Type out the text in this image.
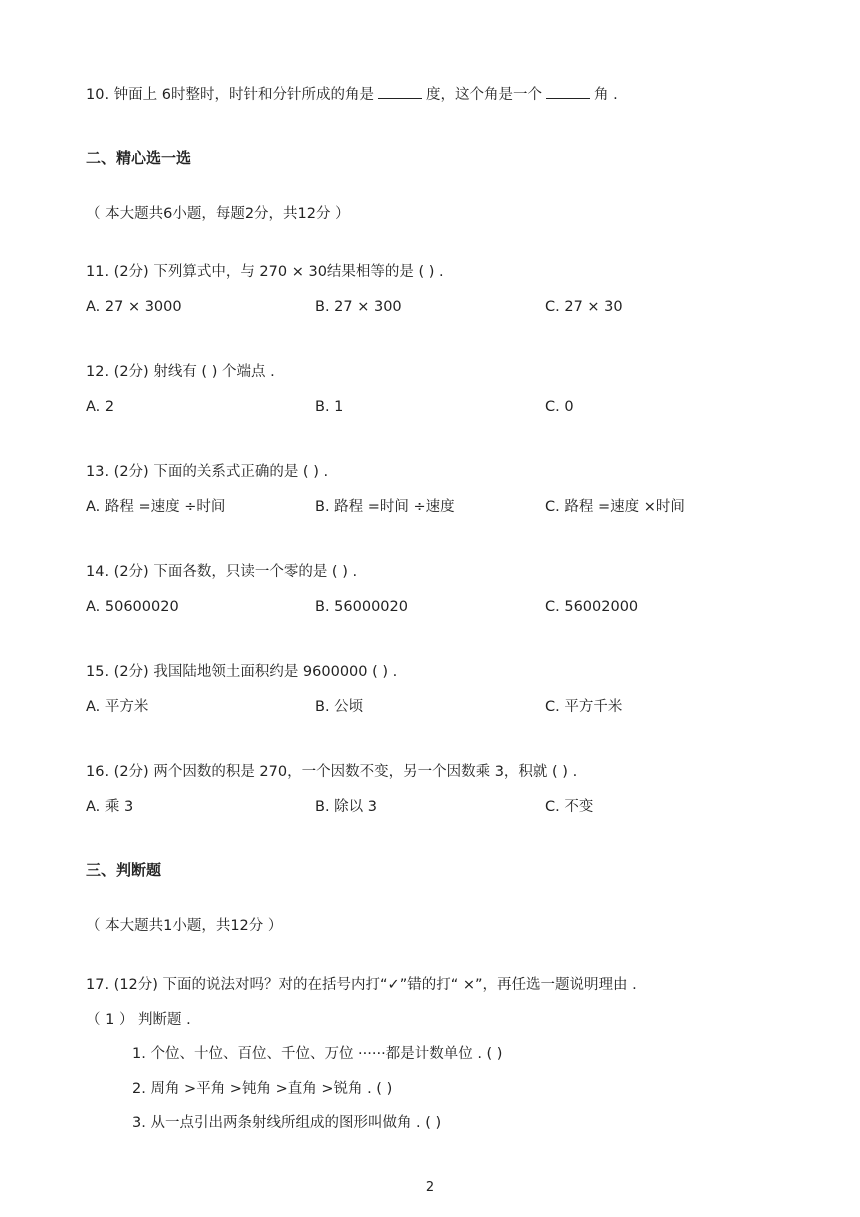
10. 钟面上 6时整时，时针和分针所成的角是	度，这个角是一个	角 .
二、精心选一选
（ 本大题共6小题，每题2分，共12分 ）
11. (2分) 下列算式中，与 270 × 30结果相等的是 ( ) .
A. 27 × 3000	B. 27 × 300	C. 27 × 30
12. (2分) 射线有 ( ) 个端点 .
A. 2	B. 1	C. 0
13. (2分) 下面的关系式正确的是 ( ) .
A. 路程 =速度 ÷时间	B. 路程 =时间 ÷速度	C. 路程 =速度 ×时间
14. (2分) 下面各数，只读一个零的是 ( ) .
A. 50600020	B. 56000020	C. 56002000
15. (2分) 我国陆地领土面积约是 9600000 ( ) .
A. 平方米	B. 公顷	C. 平方千米
16. (2分) 两个因数的积是 270，一个因数不变，另一个因数乘 3，积就 ( ) .
A. 乘 3	B. 除以 3	C. 不变
三、判断题
（ 本大题共1小题，共12分 ）
17. (12分) 下面的说法对吗？对的在括号内打“✓”错的打“ ×”，再任选一题说明理由 .
（ 1 ） 判断题 .
1. 个位、十位、百位、千位、万位 ······都是计数单位 . ( )
2. 周角 >平角 >钝角 >直角 >锐角 . ( )
3. 从一点引出两条射线所组成的图形叫做角 . ( )
2
